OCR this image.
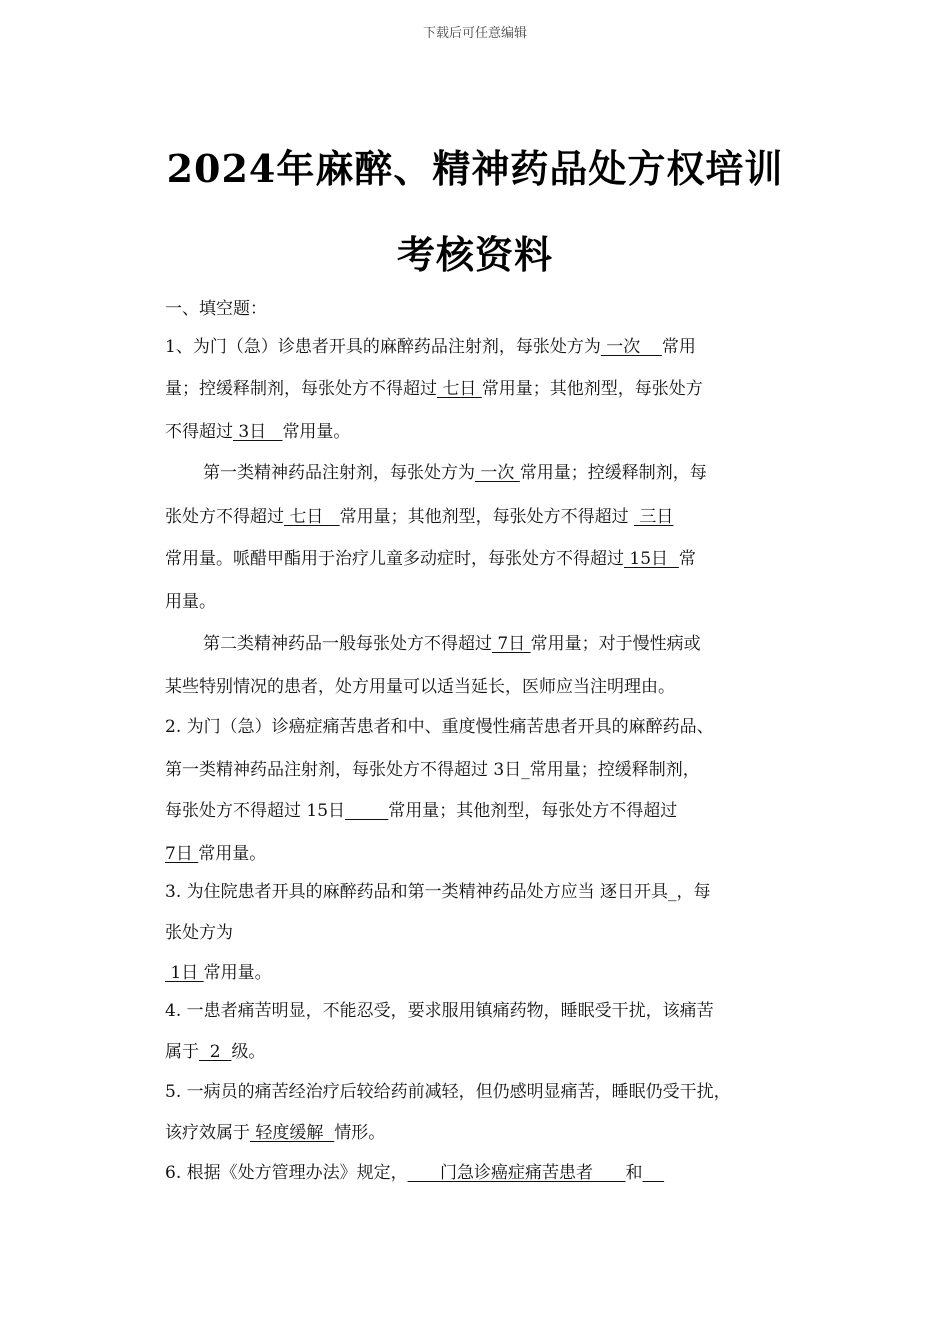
下载后可任意编辑
2024年麻醉、精神药品处方权培训
考核资料
一、填空题：
1、为门（急）诊患者开具的麻醉药品注射剂，每张处方为 一次    常用
量；控缓释制剂，每张处方不得超过 七日 常用量；其他剂型，每张处方
不得超过 3日   常用量。
第一类精神药品注射剂，每张处方为 一次 常用量；控缓释制剂，每
张处方不得超过 七日   常用量；其他剂型，每张处方不得超过  三日
常用量。哌醋甲酯用于治疗儿童多动症时，每张处方不得超过 15日  常
用量。
第二类精神药品一般每张处方不得超过 7日 常用量；对于慢性病或
某些特别情况的患者，处方用量可以适当延长，医师应当注明理由。
2. 为门（急）诊癌症痛苦患者和中、重度慢性痛苦患者开具的麻醉药品、
第一类精神药品注射剂，每张处方不得超过 3日_常用量；控缓释制剂，
每张处方不得超过 15日	常用量；其他剂型，每张处方不得超过
7日 常用量。
3. 为住院患者开具的麻醉药品和第一类精神药品处方应当 逐日开具_，每
张处方为
1日 常用量。
4. 一患者痛苦明显，不能忍受，要求服用镇痛药物，睡眠受干扰，该痛苦
属于  2  级。
5. 一病员的痛苦经治疗后较给药前减轻，但仍感明显痛苦，睡眠仍受干扰，
该疗效属于 轻度缓解  情形。
6. 根据《处方管理办法》规定，      门急诊癌症痛苦患者      和
